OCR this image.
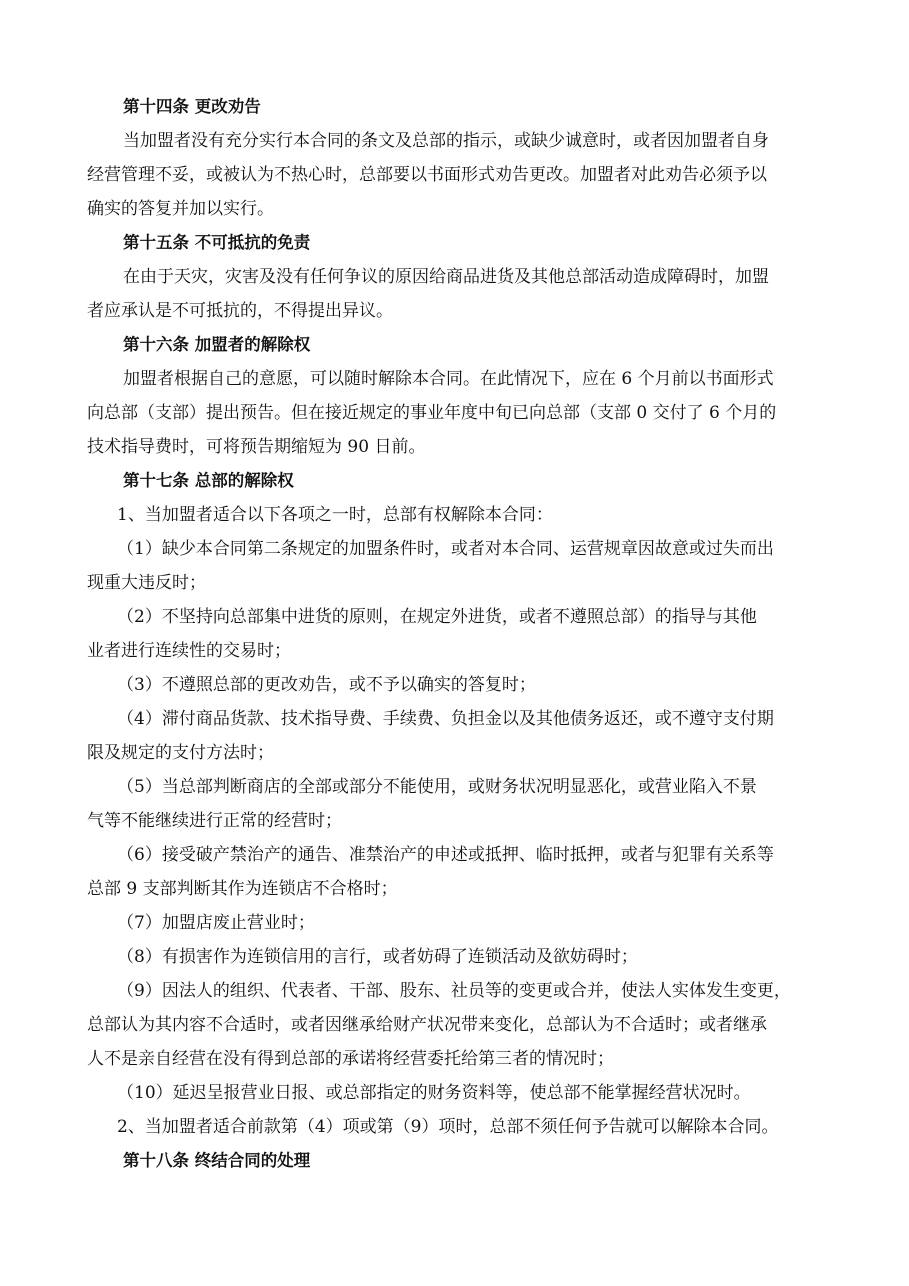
第十四条 更改劝告
当加盟者没有充分实行本合同的条文及总部的指示，或缺少诚意时，或者因加盟者自身
经营管理不妥，或被认为不热心时，总部要以书面形式劝告更改。加盟者对此劝告必须予以
确实的答复并加以实行。
第十五条 不可抵抗的免责
在由于天灾，灾害及没有任何争议的原因给商品进货及其他总部活动造成障碍时，加盟
者应承认是不可抵抗的，不得提出异议。
第十六条 加盟者的解除权
加盟者根据自己的意愿，可以随时解除本合同。在此情况下，应在 6 个月前以书面形式
向总部（支部）提出预告。但在接近规定的事业年度中旬已向总部（支部 0 交付了 6 个月的
技术指导费时，可将预告期缩短为 90 日前。
第十七条 总部的解除权
1、当加盟者适合以下各项之一时，总部有权解除本合同：
（1）缺少本合同第二条规定的加盟条件时，或者对本合同、运营规章因故意或过失而出
现重大违反时；
（2）不坚持向总部集中进货的原则，在规定外进货，或者不遵照总部）的指导与其他
业者进行连续性的交易时；
（3）不遵照总部的更改劝告，或不予以确实的答复时；
（4）滞付商品货款、技术指导费、手续费、负担金以及其他债务返还，或不遵守支付期
限及规定的支付方法时；
（5）当总部判断商店的全部或部分不能使用，或财务状况明显恶化，或营业陷入不景
气等不能继续进行正常的经营时；
（6）接受破产禁治产的通告、准禁治产的申述或抵押、临时抵押，或者与犯罪有关系等
总部 9 支部判断其作为连锁店不合格时；
（7）加盟店废止营业时；
（8）有损害作为连锁信用的言行，或者妨碍了连锁活动及欲妨碍时；
（9）因法人的组织、代表者、干部、股东、社员等的变更或合并，使法人实体发生变更，
总部认为其内容不合适时，或者因继承给财产状况带来变化，总部认为不合适时；或者继承
人不是亲自经营在没有得到总部的承诺将经营委托给第三者的情况时；
（10）延迟呈报营业日报、或总部指定的财务资料等，使总部不能掌握经营状况时。
2、当加盟者适合前款第（4）项或第（9）项时，总部不须任何予告就可以解除本合同。
第十八条 终结合同的处理
